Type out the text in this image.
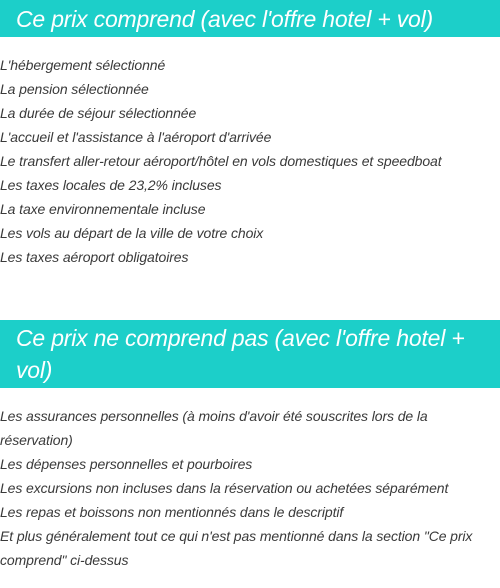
Ce prix comprend (avec l'offre hotel + vol)
L'hébergement sélectionné
La pension sélectionnée
La durée de séjour sélectionnée
L'accueil et l'assistance à l'aéroport d'arrivée
Le transfert aller-retour aéroport/hôtel en vols domestiques et speedboat
Les taxes locales de 23,2% incluses
La taxe environnementale incluse
Les vols au départ de la ville de votre choix
Les taxes aéroport obligatoires
Ce prix ne comprend pas (avec l'offre hotel + vol)
Les assurances personnelles (à moins d'avoir été souscrites lors de la réservation)
Les dépenses personnelles et pourboires
Les excursions non incluses dans la réservation ou achetées séparément
Les repas et boissons non mentionnés dans le descriptif
Et plus généralement tout ce qui n'est pas mentionné dans la section "Ce prix comprend" ci-dessus
